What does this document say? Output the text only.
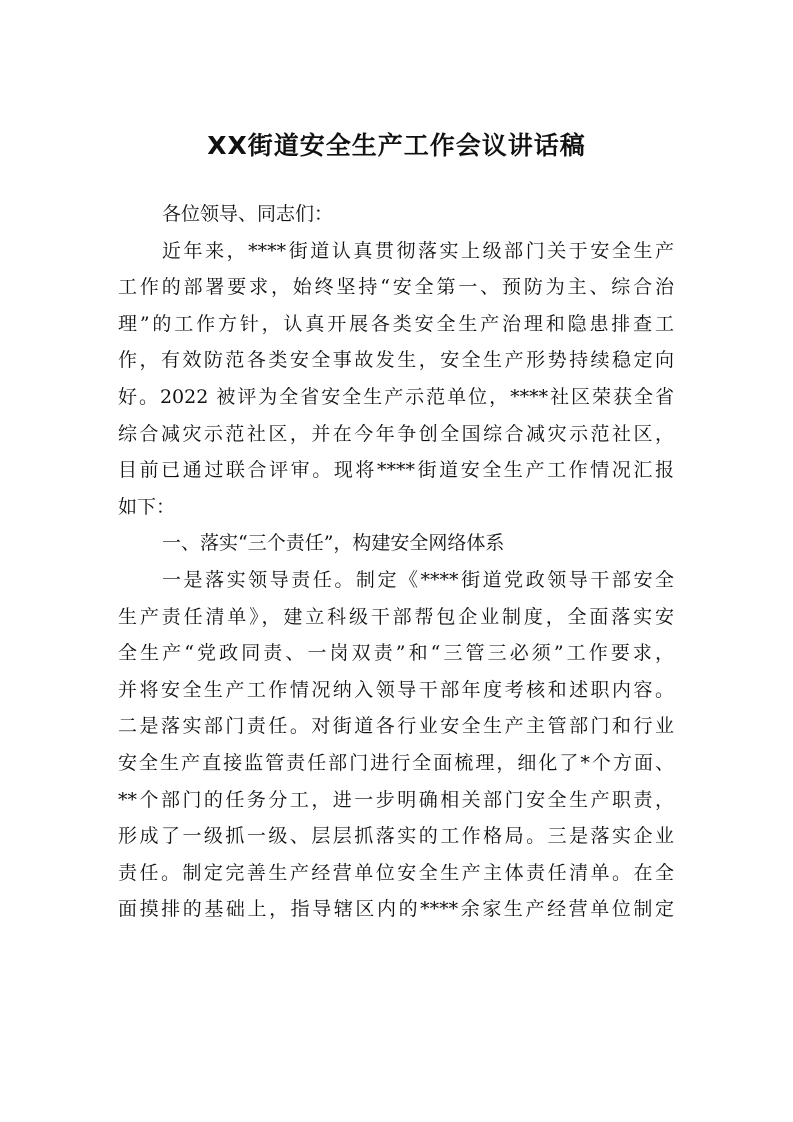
XX街道安全生产工作会议讲话稿
各位领导、同志们：
近年来，****街道认真贯彻落实上级部门关于安全生产
工作的部署要求，始终坚持“安全第一、预防为主、综合治
理”的工作方针，认真开展各类安全生产治理和隐患排查工
作，有效防范各类安全事故发生，安全生产形势持续稳定向
好。2022 被评为全省安全生产示范单位，****社区荣获全省
综合减灾示范社区，并在今年争创全国综合减灾示范社区，
目前已通过联合评审。现将****街道安全生产工作情况汇报
如下：
一、落实“三个责任”，构建安全网络体系
一是落实领导责任。制定《****街道党政领导干部安全
生产责任清单》，建立科级干部帮包企业制度，全面落实安
全生产“党政同责、一岗双责”和“三管三必须”工作要求，
并将安全生产工作情况纳入领导干部年度考核和述职内容。
二是落实部门责任。对街道各行业安全生产主管部门和行业
安全生产直接监管责任部门进行全面梳理，细化了*个方面、
**个部门的任务分工，进一步明确相关部门安全生产职责，
形成了一级抓一级、层层抓落实的工作格局。三是落实企业
责任。制定完善生产经营单位安全生产主体责任清单。在全
面摸排的基础上，指导辖区内的****余家生产经营单位制定
